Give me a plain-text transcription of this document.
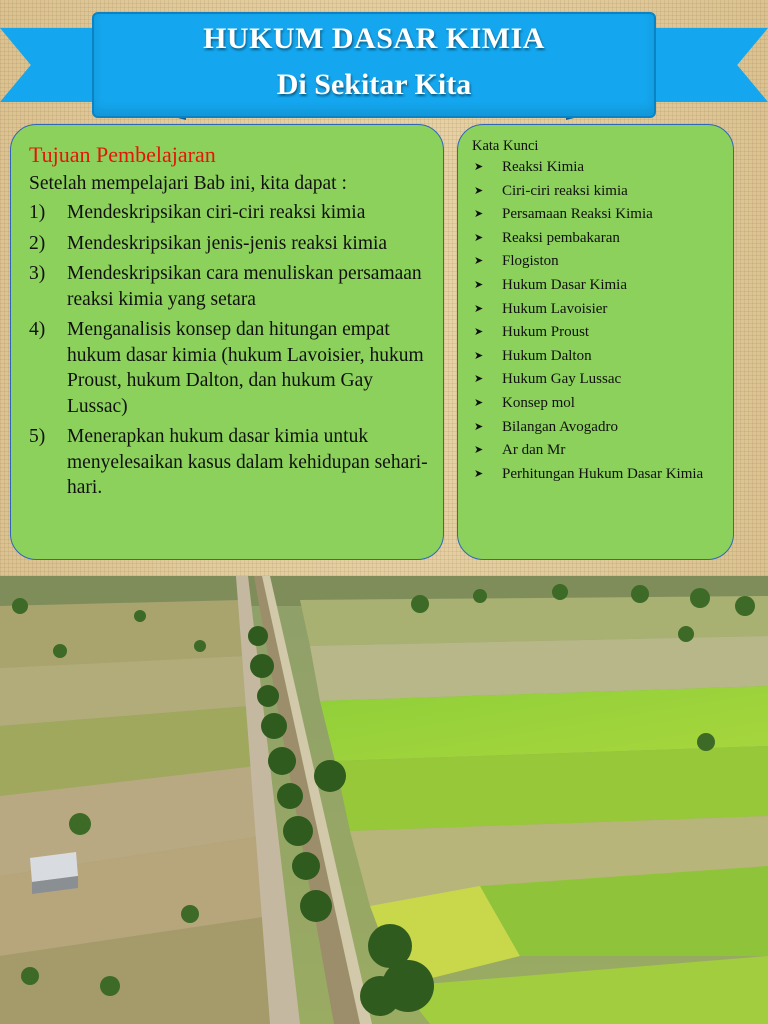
HUKUM DASAR KIMIA
Di Sekitar Kita
Tujuan Pembelajaran
Setelah mempelajari Bab ini, kita dapat :
1)	Mendeskripsikan ciri-ciri reaksi kimia
2)	Mendeskripsikan jenis-jenis reaksi kimia
3)	Mendeskripsikan cara menuliskan persamaan reaksi kimia yang setara
4)	Menganalisis konsep dan hitungan empat hukum dasar kimia (hukum Lavoisier, hukum Proust, hukum Dalton, dan hukum Gay Lussac)
5)	Menerapkan hukum dasar kimia untuk menyelesaikan kasus dalam kehidupan sehari-hari.
Kata Kunci
➤	Reaksi Kimia
➤	Ciri-ciri reaksi kimia
➤	Persamaan Reaksi Kimia
➤	Reaksi pembakaran
➤	Flogiston
➤	Hukum Dasar Kimia
➤	Hukum Lavoisier
➤	Hukum Proust
➤	Hukum Dalton
➤	Hukum Gay Lussac
➤	Konsep mol
➤	Bilangan Avogadro
➤	Ar dan Mr
➤	Perhitungan Hukum Dasar Kimia
